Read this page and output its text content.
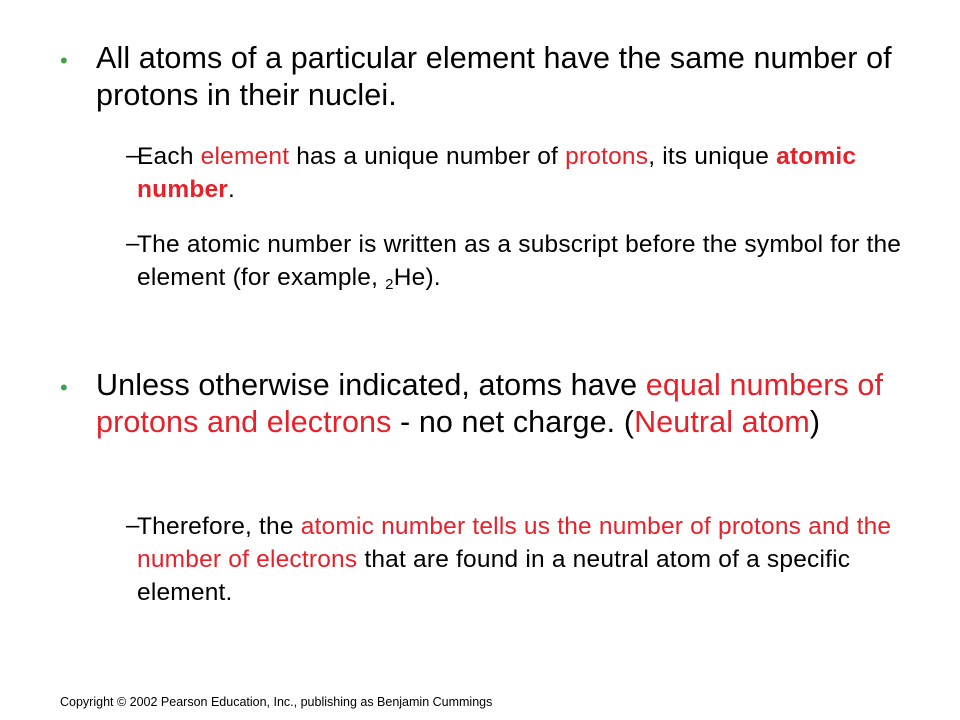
• All atoms of a particular element have the same number of protons in their nuclei.
–
Each element has a unique number of protons, its unique atomic number.
–
The atomic number is written as a subscript before the symbol for the element (for example, $_2$He).
• Unless otherwise indicated, atoms have equal numbers of protons and electrons - no net charge. (Neutral atom)
–
Therefore, the atomic number tells us the number of protons and the number of electrons that are found in a neutral atom of a specific element.
Copyright © 2002 Pearson Education, Inc., publishing as Benjamin Cummings
